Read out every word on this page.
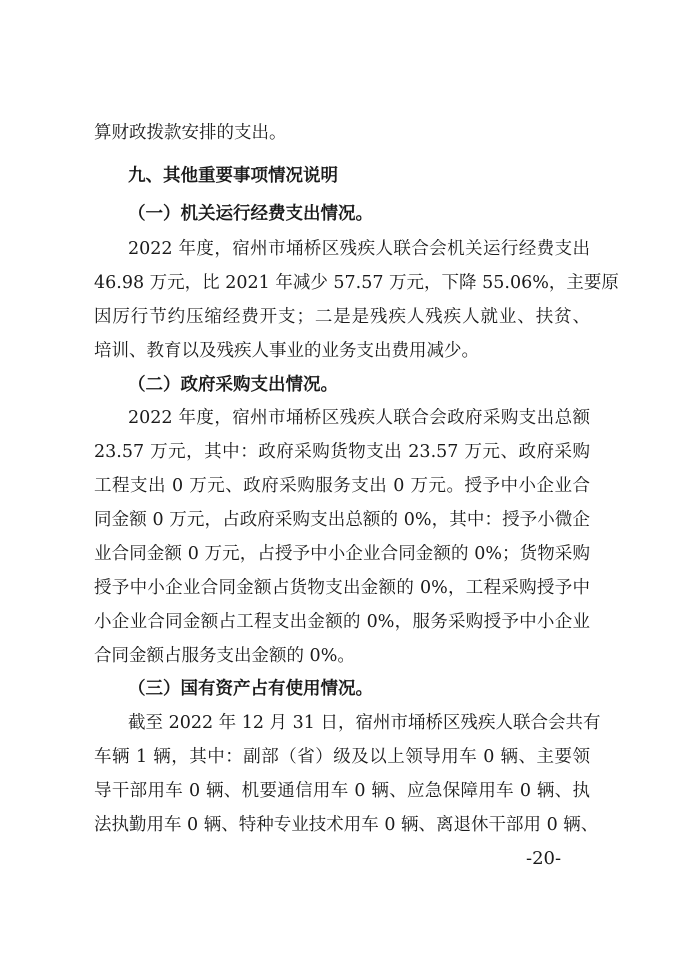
算财政拨款安排的支出。
九、其他重要事项情况说明
（一）机关运行经费支出情况。
2022 年度，宿州市埇桥区残疾人联合会机关运行经费支出
46.98 万元，比 2021 年减少 57.57 万元，下降 55.06%，主要原
因厉行节约压缩经费开支；二是是残疾人残疾人就业、扶贫、
培训、教育以及残疾人事业的业务支出费用减少。
（二）政府采购支出情况。
2022 年度，宿州市埇桥区残疾人联合会政府采购支出总额
23.57 万元，其中：政府采购货物支出 23.57 万元、政府采购
工程支出 0 万元、政府采购服务支出 0 万元。授予中小企业合
同金额 0 万元，占政府采购支出总额的 0%，其中：授予小微企
业合同金额 0 万元，占授予中小企业合同金额的 0%；货物采购
授予中小企业合同金额占货物支出金额的 0%，工程采购授予中
小企业合同金额占工程支出金额的 0%，服务采购授予中小企业
合同金额占服务支出金额的 0%。
（三）国有资产占有使用情况。
截至 2022 年 12 月 31 日，宿州市埇桥区残疾人联合会共有
车辆 1 辆，其中：副部（省）级及以上领导用车 0 辆、主要领
导干部用车 0 辆、机要通信用车 0 辆、应急保障用车 0 辆、执
法执勤用车 0 辆、特种专业技术用车 0 辆、离退休干部用 0 辆、
-20-
